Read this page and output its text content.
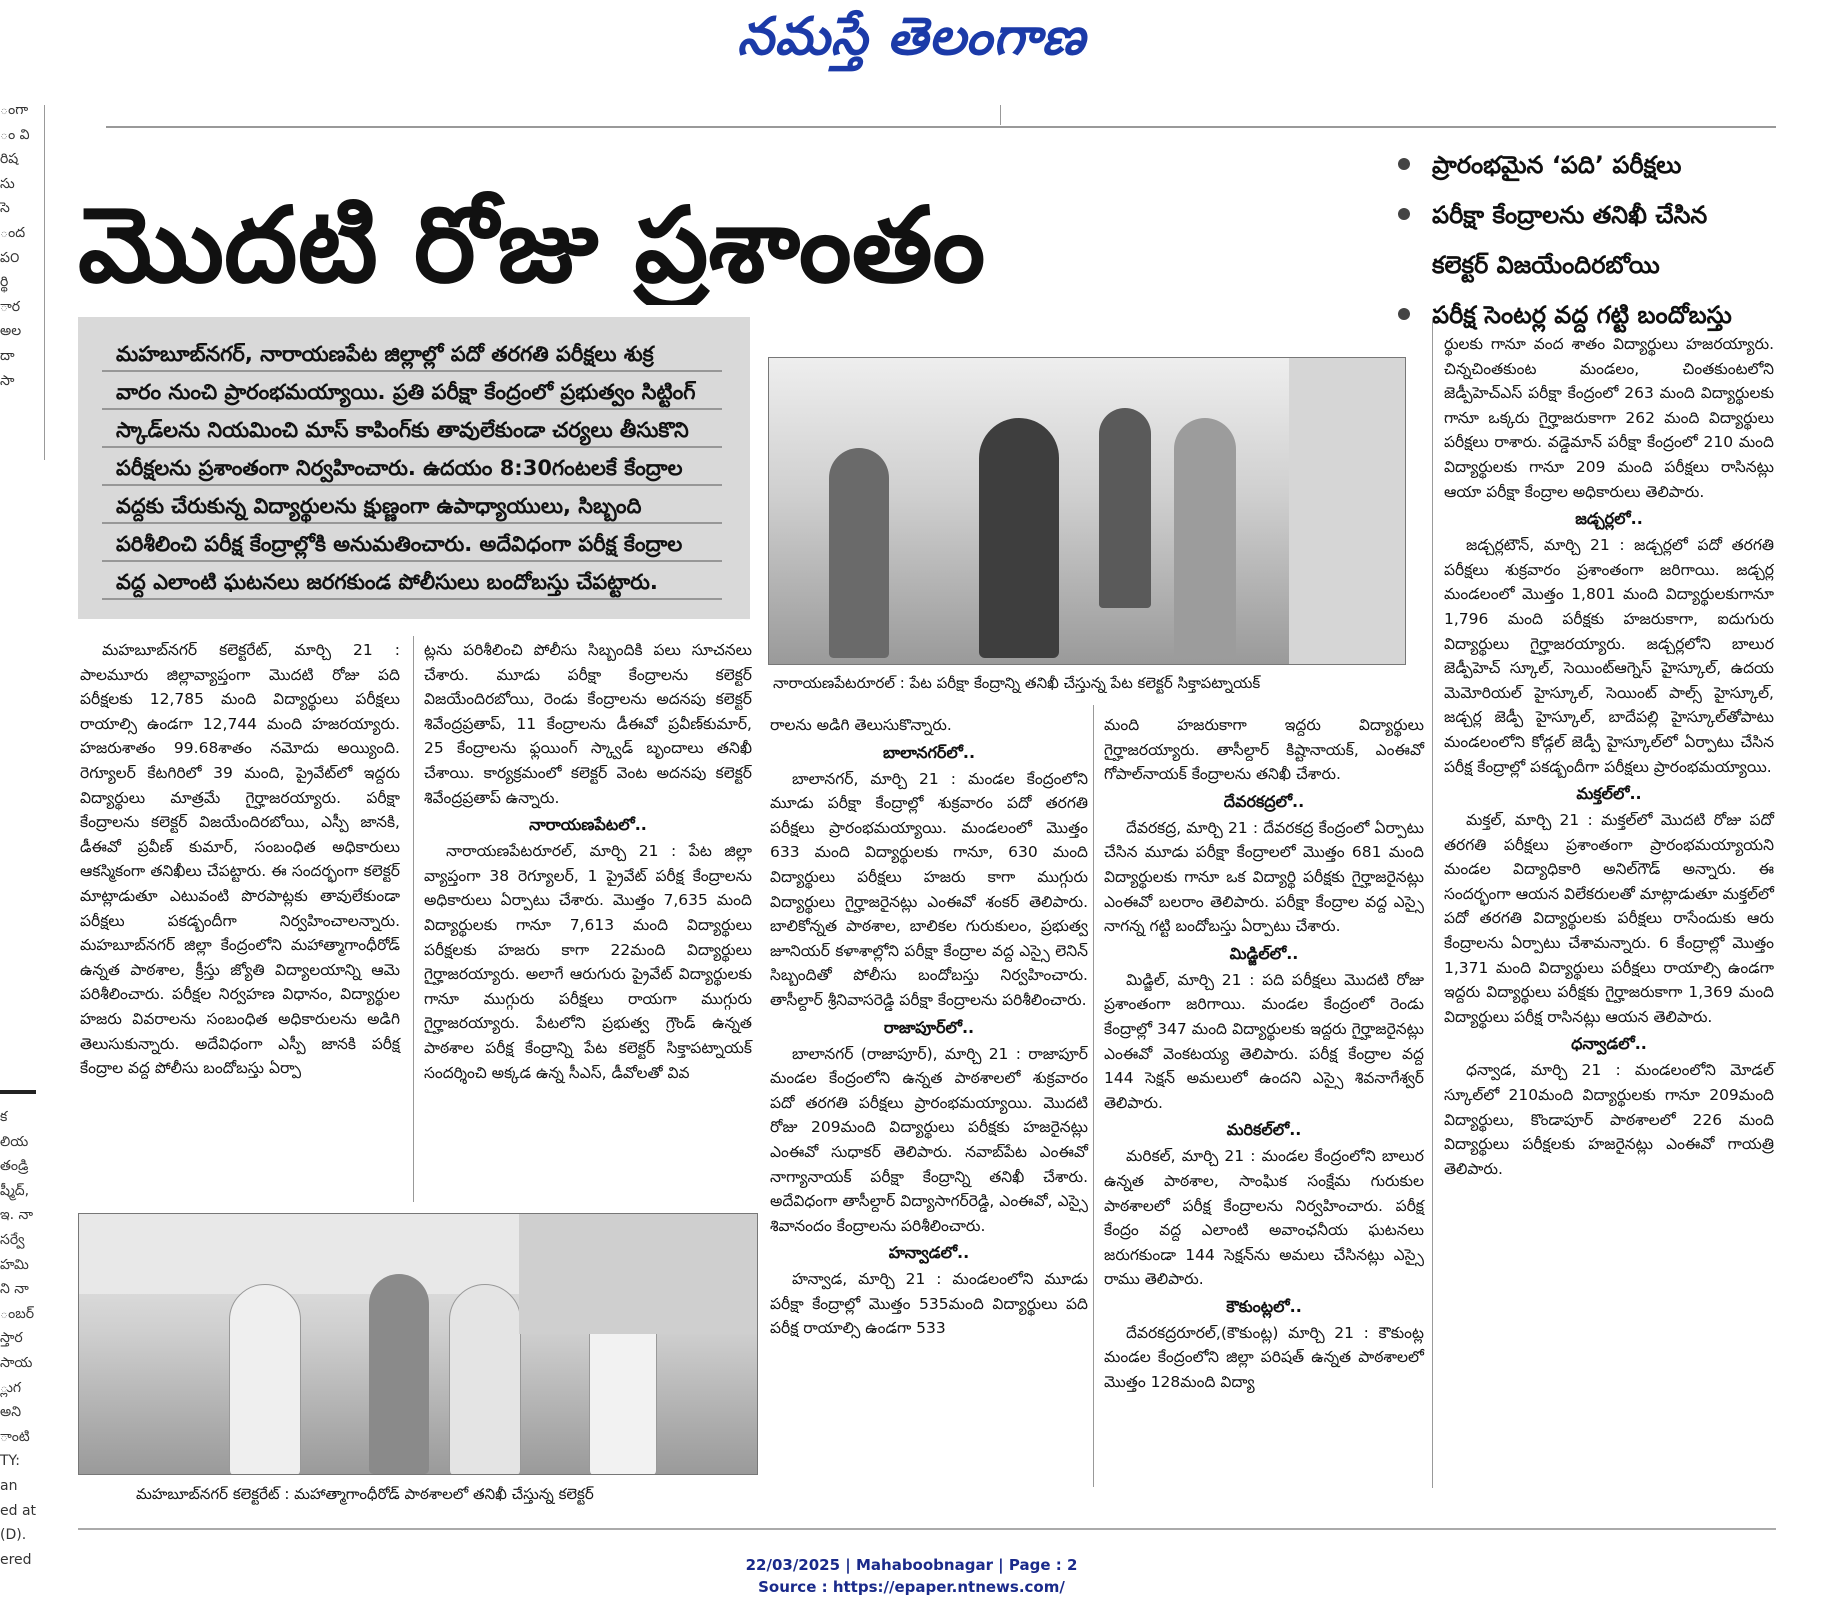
నమస్తే తెలంగాణ
ంగా
ం వి
రిష
సు
సె
ంద
ప౦
ర్థి
ార
అల
దా
సా
క
లియ
తండ్రి
ష్మీద్,
ఇ. నా
సర్వే
హమి
ని నా
ంబర్
స్తార
సాయ
్లుగ
అని
ాంటి
TY:
an
ed at
(D).
ered
మొదటి రోజు ప్రశాంతం
ప్రారంభమైన ‘పది’ పరీక్షలు
పరీక్షా కేంద్రాలను తనిఖీ చేసిన
కలెక్టర్ విజయేందిరబోయి
పరీక్ష సెంటర్ల వద్ద గట్టి బందోబస్తు

మహబూబ్‌నగర్, నారాయణపేట జిల్లాల్లో పదో తరగతి పరీక్షలు శుక్ర

వారం నుంచి ప్రారంభమయ్యాయి. ప్రతి పరీక్షా కేంద్రంలో ప్రభుత్వం సిట్టింగ్

స్కాడ్‌లను నియమించి మాస్ కాపింగ్‌కు తావులేకుండా చర్యలు తీసుకొని

పరీక్షలను ప్రశాంతంగా నిర్వహించారు. ఉదయం 8:30గంటలకే కేంద్రాల

వద్దకు చేరుకున్న విద్యార్థులను క్షుణ్ణంగా ఉపాధ్యాయులు, సిబ్బంది

పరిశీలించి పరీక్ష కేంద్రాల్లోకి అనుమతించారు. అదేవిధంగా పరీక్ష కేంద్రాల

వద్ద ఎలాంటి ఘటనలు జరగకుండ పోలీసులు బందోబస్తు చేపట్టారు.

నారాయణపేటరూరల్ : పేట పరీక్షా కేంద్రాన్ని తనిఖీ చేస్తున్న పేట కలెక్టర్ సిక్తాపట్నాయక్
మహబూబ్‌నగర్ కలెక్టరేట్ : మహాత్మాగాంధీరోడ్ పాఠశాలలో తనిఖీ చేస్తున్న కలెక్టర్

మహబూబ్‌నగర్ కలెక్టరేట్, మార్చి 21 : పాలమూరు జిల్లావ్యాప్తంగా మొదటి రోజు పది పరీక్షలకు 12,785 మంది విద్యార్థులు పరీక్షలు రాయాల్సి ఉండగా 12,744 మంది హజరయ్యారు. హజరుశాతం 99.68శాతం నమోదు అయ్యింది. రెగ్యూలర్ కేటగిరిలో 39 మంది, ప్రైవేట్‌లో ఇద్దరు విద్యార్థులు మాత్రమే గైర్హాజరయ్యారు. పరీక్షా కేంద్రాలను కలెక్టర్ విజయేందిరబోయి, ఎస్పీ జానకి, డీఈవో ప్రవీణ్ కుమార్, సంబంధిత అధికారులు ఆకస్మికంగా తనిఖీలు చేపట్టారు. ఈ సందర్భంగా కలెక్టర్ మాట్లాడుతూ ఎటువంటి పొరపాట్లకు తావులేకుండా పరీక్షలు పకడ్బందీగా నిర్వహించాలన్నారు. మహబూబ్‌నగర్ జిల్లా కేంద్రంలోని మహాత్మాగాంధీరోడ్ ఉన్నత పాఠశాల, క్రీస్తు జ్యోతి విద్యాలయాన్ని ఆమె పరిశీలించారు. పరీక్షల నిర్వహణ విధానం, విద్యార్థుల హజరు వివరాలను సంబంధిత అధికారులను అడిగి తెలుసుకున్నారు. అదేవిధంగా ఎస్పీ జానకి పరీక్ష కేంద్రాల వద్ద పోలీసు బందోబస్తు ఏర్పా

ట్లను పరిశీలించి పోలీసు సిబ్బందికి పలు సూచనలు చేశారు. మూడు పరీక్షా కేంద్రాలను కలెక్టర్ విజయేందిరబోయి, రెండు కేంద్రాలను అదనపు కలెక్టర్ శివేంద్రప్రతాప్, 11 కేంద్రాలను డీఈవో ప్రవీణ్‌కుమార్, 25 కేంద్రాలను ఫ్లయింగ్ స్క్వాడ్ బృందాలు తనిఖీ చేశాయి. కార్యక్రమంలో కలెక్టర్ వెంట అదనపు కలెక్టర్ శివేంద్రప్రతాప్ ఉన్నారు.

నారాయణపేటలో..

నారాయణపేటరూరల్, మార్చి 21 : పేట జిల్లా వ్యాప్తంగా 38 రెగ్యూలర్, 1 ప్రైవేట్ పరీక్ష కేంద్రాలను అధికారులు ఏర్పాటు చేశారు. మొత్తం 7,635 మంది విద్యార్థులకు గానూ 7,613 మంది విద్యార్థులు పరీక్షలకు హజరు కాగా 22మంది విద్యార్థులు గైర్హాజరయ్యారు. అలాగే ఆరుగురు ప్రైవేట్ విద్యార్థులకు గానూ ముగ్గురు పరీక్షలు రాయగా ముగ్గురు గైర్హాజరయ్యారు. పేటలోని ప్రభుత్వ గ్రౌండ్ ఉన్నత పాఠశాల పరీక్ష కేంద్రాన్ని పేట కలెక్టర్ సిక్తాపట్నాయక్ సందర్శించి అక్కడ ఉన్న సీఎస్, డీవోలతో వివ

రాలను అడిగి తెలుసుకొన్నారు.

బాలానగర్‌లో..

బాలానగర్, మార్చి 21 : మండల కేంద్రంలోని మూడు పరీక్షా కేంద్రాల్లో శుక్రవారం పదో తరగతి పరీక్షలు ప్రారంభమయ్యాయి. మండలంలో మొత్తం 633 మంది విద్యార్థులకు గానూ, 630 మంది విద్యార్థులు పరీక్షలు హజరు కాగా ముగ్గురు విద్యార్థులు గైర్హాజరైనట్లు ఎంఈవో శంకర్ తెలిపారు. బాలికోన్నత పాఠశాల, బాలికల గురుకులం, ప్రభుత్వ జూనియర్ కళాశాల్లోని పరీక్షా కేంద్రాల వద్ద ఎస్సై లెనిన్ సిబ్బందితో పోలీసు బందోబస్తు నిర్వహించారు. తాసీల్దార్ శ్రీనివాసరెడ్డి పరీక్షా కేంద్రాలను పరిశీలించారు.

రాజాపూర్‌లో..

బాలానగర్ (రాజాపూర్), మార్చి 21 : రాజాపూర్ మండల కేంద్రంలోని ఉన్నత పాఠశాలలో శుక్రవారం పదో తరగతి పరీక్షలు ప్రారంభమయ్యాయి. మొదటి రోజు 209మంది విద్యార్థులు పరీక్షకు హజరైనట్లు ఎంఈవో సుధాకర్ తెలిపారు. నవాబ్‌పేట ఎంఈవో నాగ్యానాయక్ పరీక్షా కేంద్రాన్ని తనిఖీ చేశారు. అదేవిధంగా తాసీల్దార్ విద్యాసాగర్‌రెడ్డి, ఎంఈవో, ఎస్సై శివానందం కేంద్రాలను పరిశీలించారు.

హన్వాడలో..

హన్వాడ, మార్చి 21 : మండలంలోని మూడు పరీక్షా కేంద్రాల్లో మొత్తం 535మంది విద్యార్థులు పది పరీక్ష రాయాల్సి ఉండగా 533

మంది హజరుకాగా ఇద్దరు విద్యార్థులు గైర్హాజరయ్యారు. తాసీల్దార్ కిష్టానాయక్, ఎంఈవో గోపాల్‌నాయక్ కేంద్రాలను తనిఖీ చేశారు.

దేవరకద్రలో..

దేవరకద్ర, మార్చి 21 : దేవరకద్ర కేంద్రంలో ఏర్పాటు చేసిన మూడు పరీక్షా కేంద్రాలలో మొత్తం 681 మంది విద్యార్థులకు గానూ ఒక విద్యార్థి పరీక్షకు గైర్హాజరైనట్లు ఎంఈవో బలరాం తెలిపారు. పరీక్షా కేంద్రాల వద్ద ఎస్సై నాగన్న గట్టి బందోబస్తు ఏర్పాటు చేశారు.

మిడ్జిల్‌లో..

మిడ్జిల్, మార్చి 21 : పది పరీక్షలు మొదటి రోజు ప్రశాంతంగా జరిగాయి. మండల కేంద్రంలో రెండు కేంద్రాల్లో 347 మంది విద్యార్థులకు ఇద్దరు గైర్హాజరైనట్లు ఎంఈవో వెంకటయ్య తెలిపారు. పరీక్ష కేంద్రాల వద్ద 144 సెక్షన్ అమలులో ఉందని ఎస్సై శివనాగేశ్వర్ తెలిపారు.

మరికల్‌లో..

మరికల్, మార్చి 21 : మండల కేంద్రంలోని బాలుర ఉన్నత పాఠశాల, సాంఘిక సంక్షేమ గురుకుల పాఠశాలలో పరీక్ష కేంద్రాలను నిర్వహించారు. పరీక్ష కేంద్రం వద్ద ఎలాంటి అవాంఛనీయ ఘటనలు జరుగకుండా 144 సెక్షన్‌ను అమలు చేసినట్లు ఎస్సై రాము తెలిపారు.

కౌకుంట్లలో..

దేవరకద్రరూరల్,(కౌకుంట్ల) మార్చి 21 : కౌకుంట్ల మండల కేంద్రంలోని జిల్లా పరిషత్ ఉన్నత పాఠశాలలో మొత్తం 128మంది విద్యా

ర్థులకు గానూ వంద శాతం విద్యార్థులు హజరయ్యారు. చిన్నచింతకుంట మండలం, చింతకుంటలోని జెడ్పీహెచ్ఎస్ పరీక్షా కేంద్రంలో 263 మంది విద్యార్థులకు గానూ ఒక్కరు గైర్హాజరుకాగా 262 మంది విద్యార్థులు పరీక్షలు రాశారు. వడ్డెమాన్ పరీక్షా కేంద్రంలో 210 మంది విద్యార్థులకు గానూ 209 మంది పరీక్షలు రాసినట్లు ఆయా పరీక్షా కేంద్రాల అధికారులు తెలిపారు.

జడ్చర్లలో..

జడ్చర్లటౌన్, మార్చి 21 : జడ్చర్లలో పదో తరగతి పరీక్షలు శుక్రవారం ప్రశాంతంగా జరిగాయి. జడ్చర్ల మండలంలో మొత్తం 1,801 మంది విద్యార్థులకుగానూ 1,796 మంది పరీక్షకు హజరుకాగా, ఐదుగురు విద్యార్థులు గైర్హాజరయ్యారు. జడ్చర్లలోని బాలుర జెడ్పీహెచ్ స్కూల్, సెయింట్‌ఆగ్నెస్ హైస్కూల్, ఉదయ మెమోరియల్ హైస్కూల్, సెయింట్ పాల్స్ హైస్కూల్, జడ్చర్ల జెడ్పీ హైస్కూల్, బాదేపల్లి హైస్కూల్‌తోపాటు మండలంలోని కోడ్గల్ జెడ్పీ హైస్కూల్‌లో ఏర్పాటు చేసిన పరీక్ష కేంద్రాల్లో పకడ్బందీగా పరీక్షలు ప్రారంభమయ్యాయి.

మక్తల్‌లో..

మక్తల్, మార్చి 21 : మక్తల్‌లో మొదటి రోజు పదో తరగతి పరీక్షలు ప్రశాంతంగా ప్రారంభమయ్యాయని మండల విద్యాధికారి అనిల్‌గౌడ్ అన్నారు. ఈ సందర్భంగా ఆయన విలేకరులతో మాట్లాడుతూ మక్తల్‌లో పదో తరగతి విద్యార్థులకు పరీక్షలు రాసేందుకు ఆరు కేంద్రాలను ఏర్పాటు చేశామన్నారు. 6 కేంద్రాల్లో మొత్తం 1,371 మంది విద్యార్థులు పరీక్షలు రాయాల్సి ఉండగా ఇద్దరు విద్యార్థులు పరీక్షకు గైర్హాజరుకాగా 1,369 మంది విద్యార్థులు పరీక్ష రాసినట్లు ఆయన తెలిపారు.

ధన్వాడలో..

ధన్వాడ, మార్చి 21 : మండలంలోని మోడల్ స్కూల్‌లో 210మంది విద్యార్థులకు గానూ 209మంది విద్యార్థులు, కొండాపూర్ పాఠశాలలో 226 మంది విద్యార్థులు పరీక్షలకు హజరైనట్లు ఎంఈవో గాయత్రి తెలిపారు.

22/03/2025 | Mahaboobnagar | Page : 2
Source : https://epaper.ntnews.com/
